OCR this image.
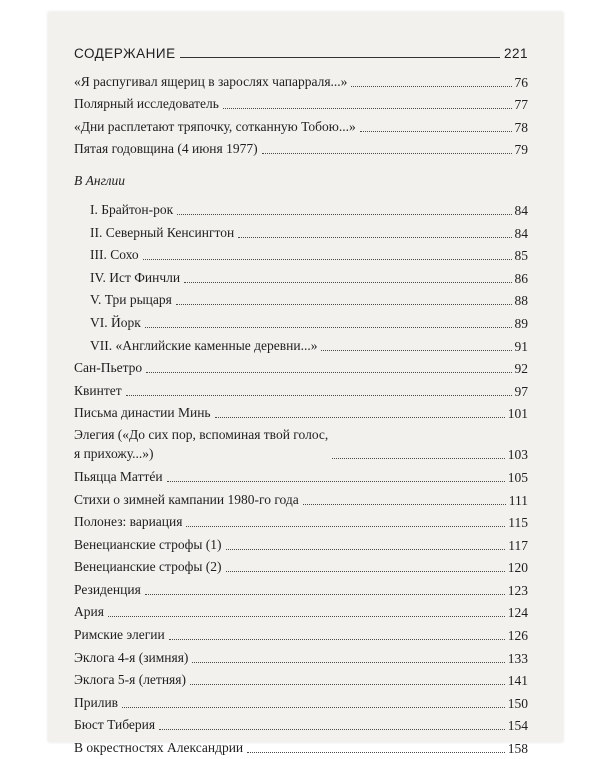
СОДЕРЖАНИЕ	221
«Я распугивал ящериц в зарослях чапарраля...»	76
Полярный исследователь	77
«Дни расплетают тряпочку, сотканную Тобою...»	78
Пятая годовщина (4 июня 1977)	79
В Англии
I. Брайтон-рок	84
II. Северный Кенсингтон	84
III. Сохо	85
IV. Ист Финчли	86
V. Три рыцаря	88
VI. Йорк	89
VII. «Английские каменные деревни...»	91
Сан-Пьетро	92
Квинтет	97
Письма династии Минь	101
Элегия («До сих пор, вспоминая твой голос,
я прихожу...»)	103
Пьяцца Маттéи	105
Стихи о зимней кампании 1980-го года	111
Полонез: вариация	115
Венецианские строфы (1)	117
Венецианские строфы (2)	120
Резиденция	123
Ария	124
Римские элегии	126
Эклога 4-я (зимняя)	133
Эклога 5-я (летняя)	141
Прилив	150
Бюст Тиберия	154
В окрестностях Александрии	158
